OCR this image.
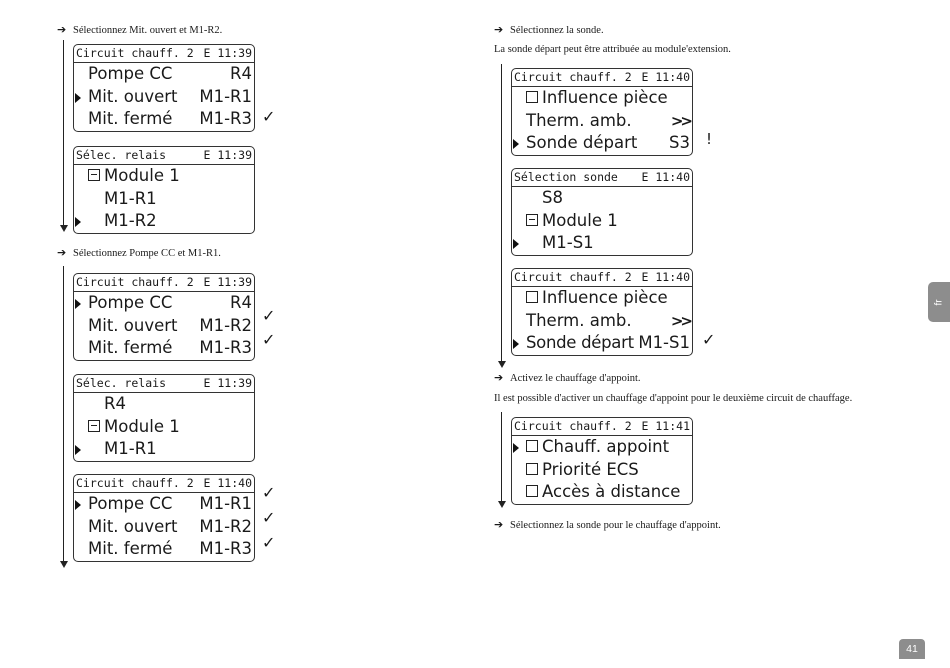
➔ Sélectionnez Mit. ouvert et M1-R2.
Circuit chauff. 2 E 11:39
Pompe CC	R4
Mit. ouvert M1-R1
Mit. fermé M1-R3 ✓
Sélec. relais	E 11:39
Module 1
M1-R1
M1-R2
➔ Sélectionnez Pompe CC et M1-R1.
Circuit chauff. 2 E 11:39
Pompe CC	R4
Mit. ouvert M1-R2
Mit. fermé M1-R3
✓
✓
Sélec. relais	E 11:39
R4
Module 1
M1-R1
Circuit chauff. 2 E 11:40
Pompe CC M1-R1
Mit. ouvert M1-R2
Mit. fermé M1-R3
✓
✓
✓
➔ Sélectionnez la sonde.
La sonde départ peut être attribuée au module'extension.
Circuit chauff. 2 E 11:40
Influence pièce
Therm. amb.	>>
Sonde départ S3 !
Sélection sonde E 11:40
S8
Module 1
M1-S1
Circuit chauff. 2 E 11:40
Influence pièce
Therm. amb.	>>
Sonde départ M1-S1 ✓
➔ Activez le chauffage d'appoint.
Il est possible d'activer un chauffage d'appoint pour le deuxième circuit de chauffage.
Circuit chauff. 2 E 11:41
Chauff. appoint
Priorité ECS
Accès à distance
➔ Sélectionnez la sonde pour le chauffage d'appoint.
fr
41
